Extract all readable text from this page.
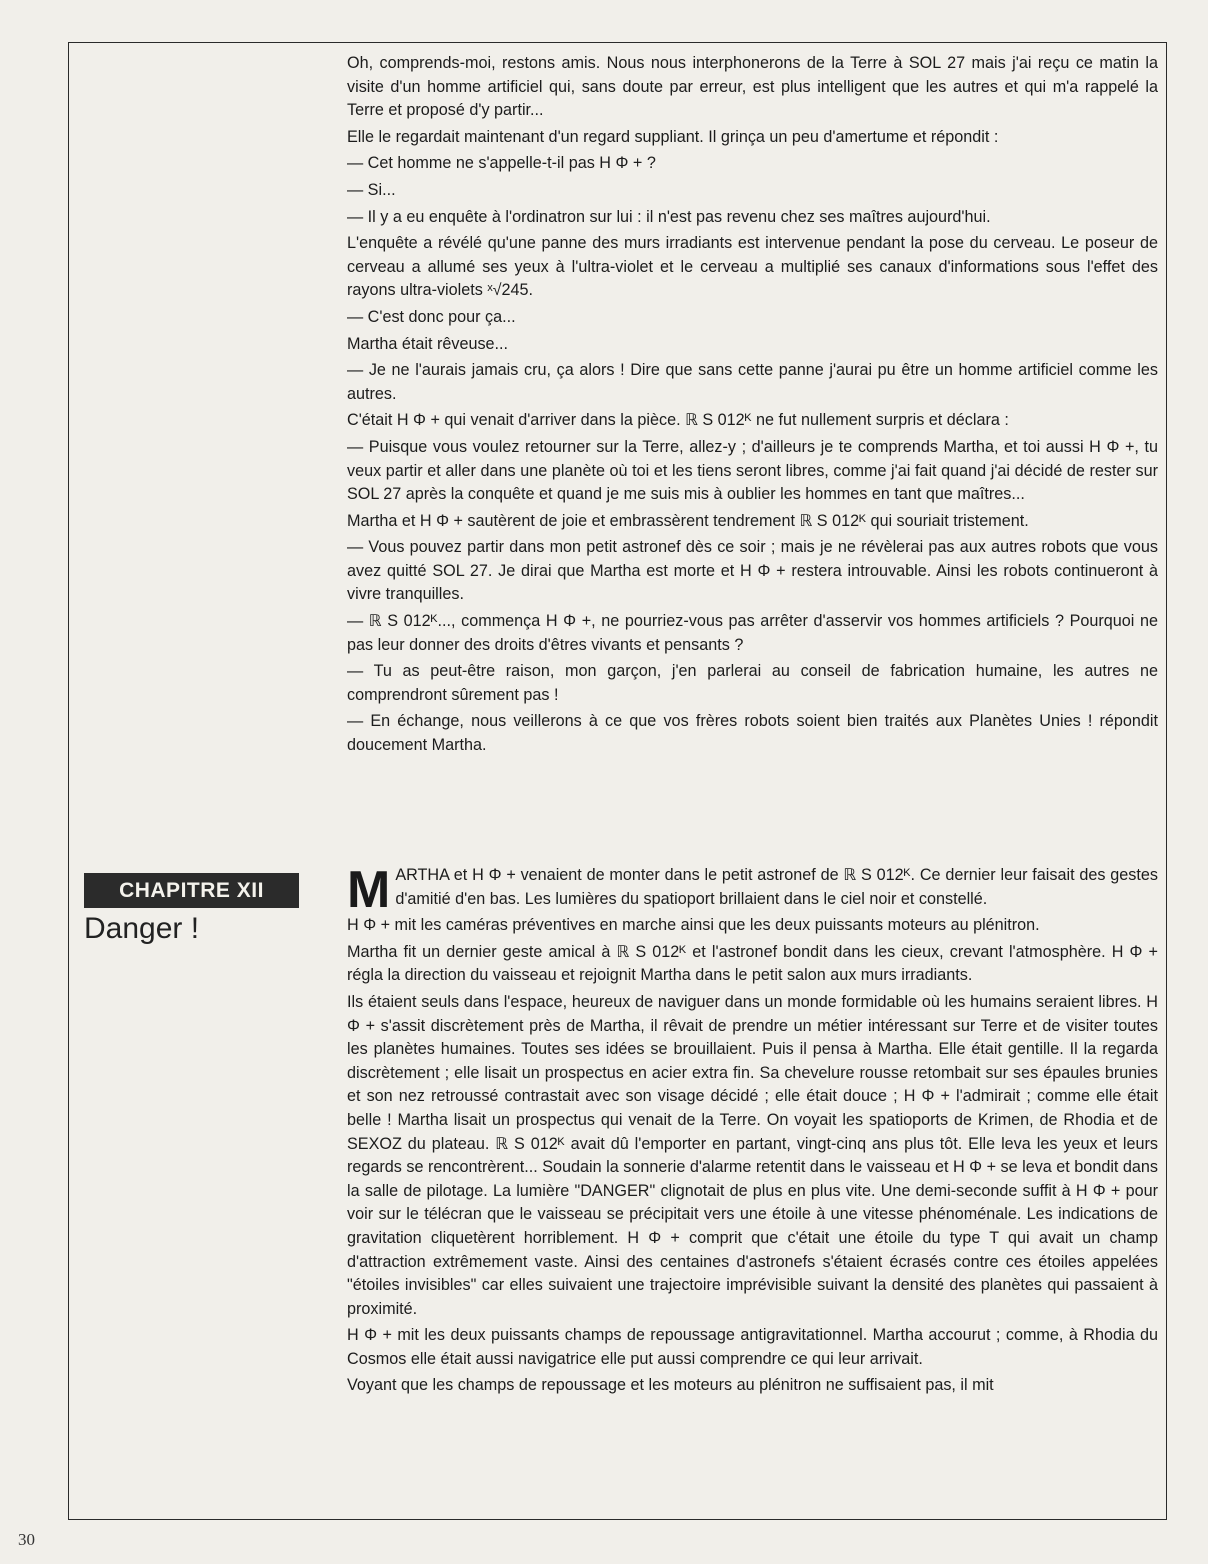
Oh, comprends-moi, restons amis. Nous nous interphonerons de la Terre à SOL 27 mais j'ai reçu ce matin la visite d'un homme artificiel qui, sans doute par erreur, est plus intelligent que les autres et qui m'a rappelé la Terre et proposé d'y partir...

Elle le regardait maintenant d'un regard suppliant. Il grinça un peu d'amertume et répondit :

— Cet homme ne s'appelle-t-il pas H Φ + ?

— Si...

— Il y a eu enquête à l'ordinatron sur lui : il n'est pas revenu chez ses maîtres aujourd'hui.

L'enquête a révélé qu'une panne des murs irradiants est intervenue pendant la pose du cerveau. Le poseur de cerveau a allumé ses yeux à l'ultra-violet et le cerveau a multiplié ses canaux d'informations sous l'effet des rayons ultra-violets ˣ√245.

— C'est donc pour ça...

Martha était rêveuse...

— Je ne l'aurais jamais cru, ça alors ! Dire que sans cette panne j'aurai pu être un homme artificiel comme les autres.

C'était H Φ + qui venait d'arriver dans la pièce. ℝ S 012ᴷ ne fut nullement surpris et déclara :

— Puisque vous voulez retourner sur la Terre, allez-y ; d'ailleurs je te comprends Martha, et toi aussi H Φ +, tu veux partir et aller dans une planète où toi et les tiens seront libres, comme j'ai fait quand j'ai décidé de rester sur SOL 27 après la conquête et quand je me suis mis à oublier les hommes en tant que maîtres...

Martha et H Φ + sautèrent de joie et embrassèrent tendrement ℝ S 012ᴷ qui souriait tristement.

— Vous pouvez partir dans mon petit astronef dès ce soir ; mais je ne révèlerai pas aux autres robots que vous avez quitté SOL 27. Je dirai que Martha est morte et H Φ + restera introuvable. Ainsi les robots continueront à vivre tranquilles.

— ℝ S 012ᴷ..., commença H Φ +, ne pourriez-vous pas arrêter d'asservir vos hommes artificiels ? Pourquoi ne pas leur donner des droits d'êtres vivants et pensants ?

— Tu as peut-être raison, mon garçon, j'en parlerai au conseil de fabrication humaine, les autres ne comprendront sûrement pas !

— En échange, nous veillerons à ce que vos frères robots soient bien traités aux Planètes Unies ! répondit doucement Martha.

CHAPITRE XII
Danger !

MARTHA et H Φ + venaient de monter dans le petit astronef de ℝ S 012ᴷ. Ce dernier leur faisait des gestes d'amitié d'en bas. Les lumières du spatioport brillaient dans le ciel noir et constellé.

H Φ + mit les caméras préventives en marche ainsi que les deux puissants moteurs au plénitron.

Martha fit un dernier geste amical à ℝ S 012ᴷ et l'astronef bondit dans les cieux, crevant l'atmosphère. H Φ + régla la direction du vaisseau et rejoignit Martha dans le petit salon aux murs irradiants.

Ils étaient seuls dans l'espace, heureux de naviguer dans un monde formidable où les humains seraient libres. H Φ + s'assit discrètement près de Martha, il rêvait de prendre un métier intéressant sur Terre et de visiter toutes les planètes humaines. Toutes ses idées se brouillaient. Puis il pensa à Martha. Elle était gentille. Il la regarda discrètement ; elle lisait un prospectus en acier extra fin. Sa chevelure rousse retombait sur ses épaules brunies et son nez retroussé contrastait avec son visage décidé ; elle était douce ; H Φ + l'admirait ; comme elle était belle ! Martha lisait un prospectus qui venait de la Terre. On voyait les spatioports de Krimen, de Rhodia et de SEXOZ du plateau. ℝ S 012ᴷ avait dû l'emporter en partant, vingt-cinq ans plus tôt. Elle leva les yeux et leurs regards se rencontrèrent... Soudain la sonnerie d'alarme retentit dans le vaisseau et H Φ + se leva et bondit dans la salle de pilotage. La lumière "DANGER" clignotait de plus en plus vite. Une demi-seconde suffit à H Φ + pour voir sur le télécran que le vaisseau se précipitait vers une étoile à une vitesse phénoménale. Les indications de gravitation cliquetèrent horriblement. H Φ + comprit que c'était une étoile du type T qui avait un champ d'attraction extrêmement vaste. Ainsi des centaines d'astronefs s'étaient écrasés contre ces étoiles appelées "étoiles invisibles" car elles suivaient une trajectoire imprévisible suivant la densité des planètes qui passaient à proximité.

H Φ + mit les deux puissants champs de repoussage antigravitationnel. Martha accourut ; comme, à Rhodia du Cosmos elle était aussi navigatrice elle put aussi comprendre ce qui leur arrivait.

Voyant que les champs de repoussage et les moteurs au plénitron ne suffisaient pas, il mit

30
